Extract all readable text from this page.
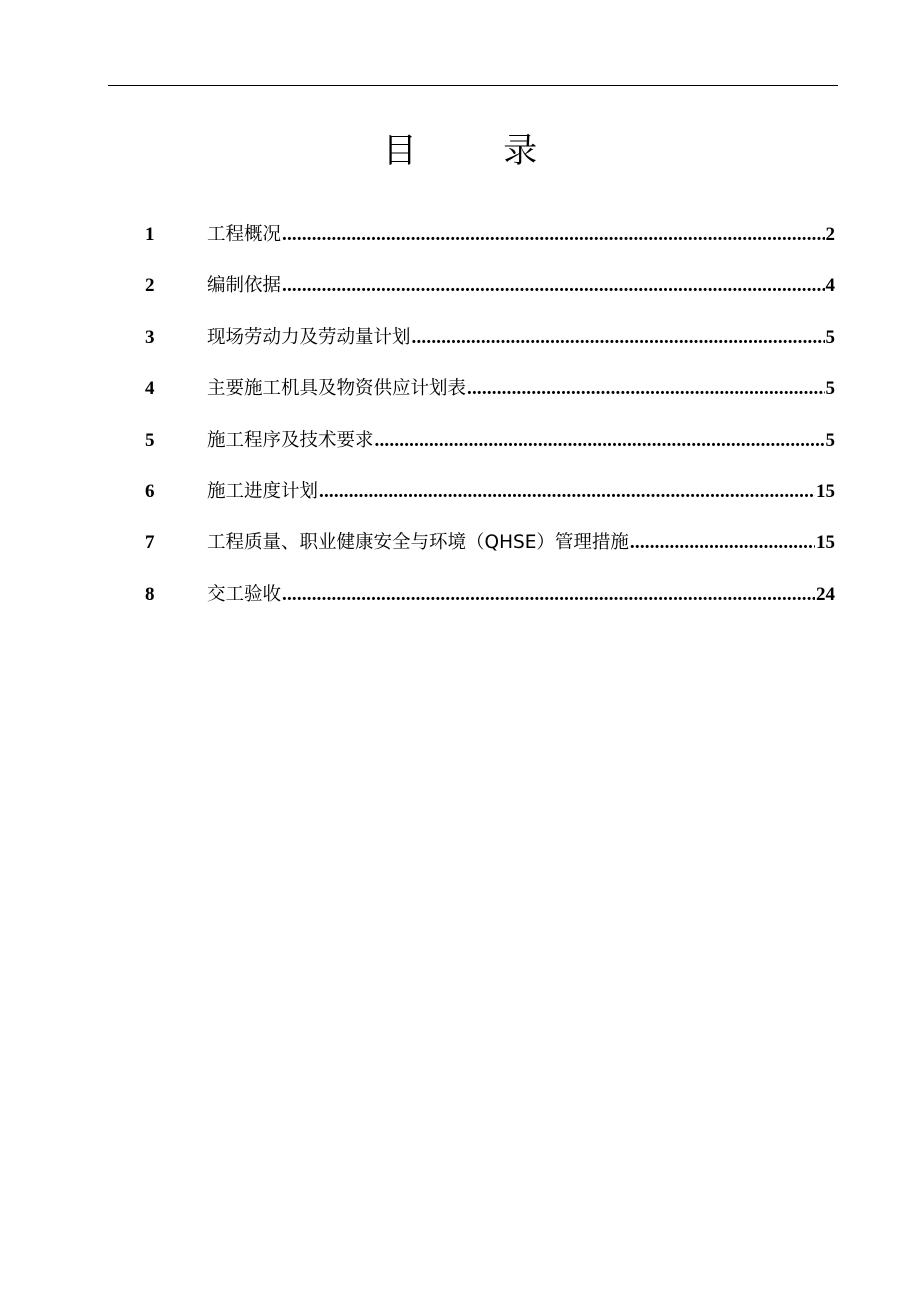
目        录
1	工程概况 .....	2
2	编制依据 .....	4
3	现场劳动力及劳动量计划 .....	5
4	主要施工机具及物资供应计划表 .....	5
5	施工程序及技术要求 .....	5
6	施工进度计划 .....	15
7	工程质量、职业健康安全与环境（QHSE）管理措施 .....	15
8	交工验收 .....	24
